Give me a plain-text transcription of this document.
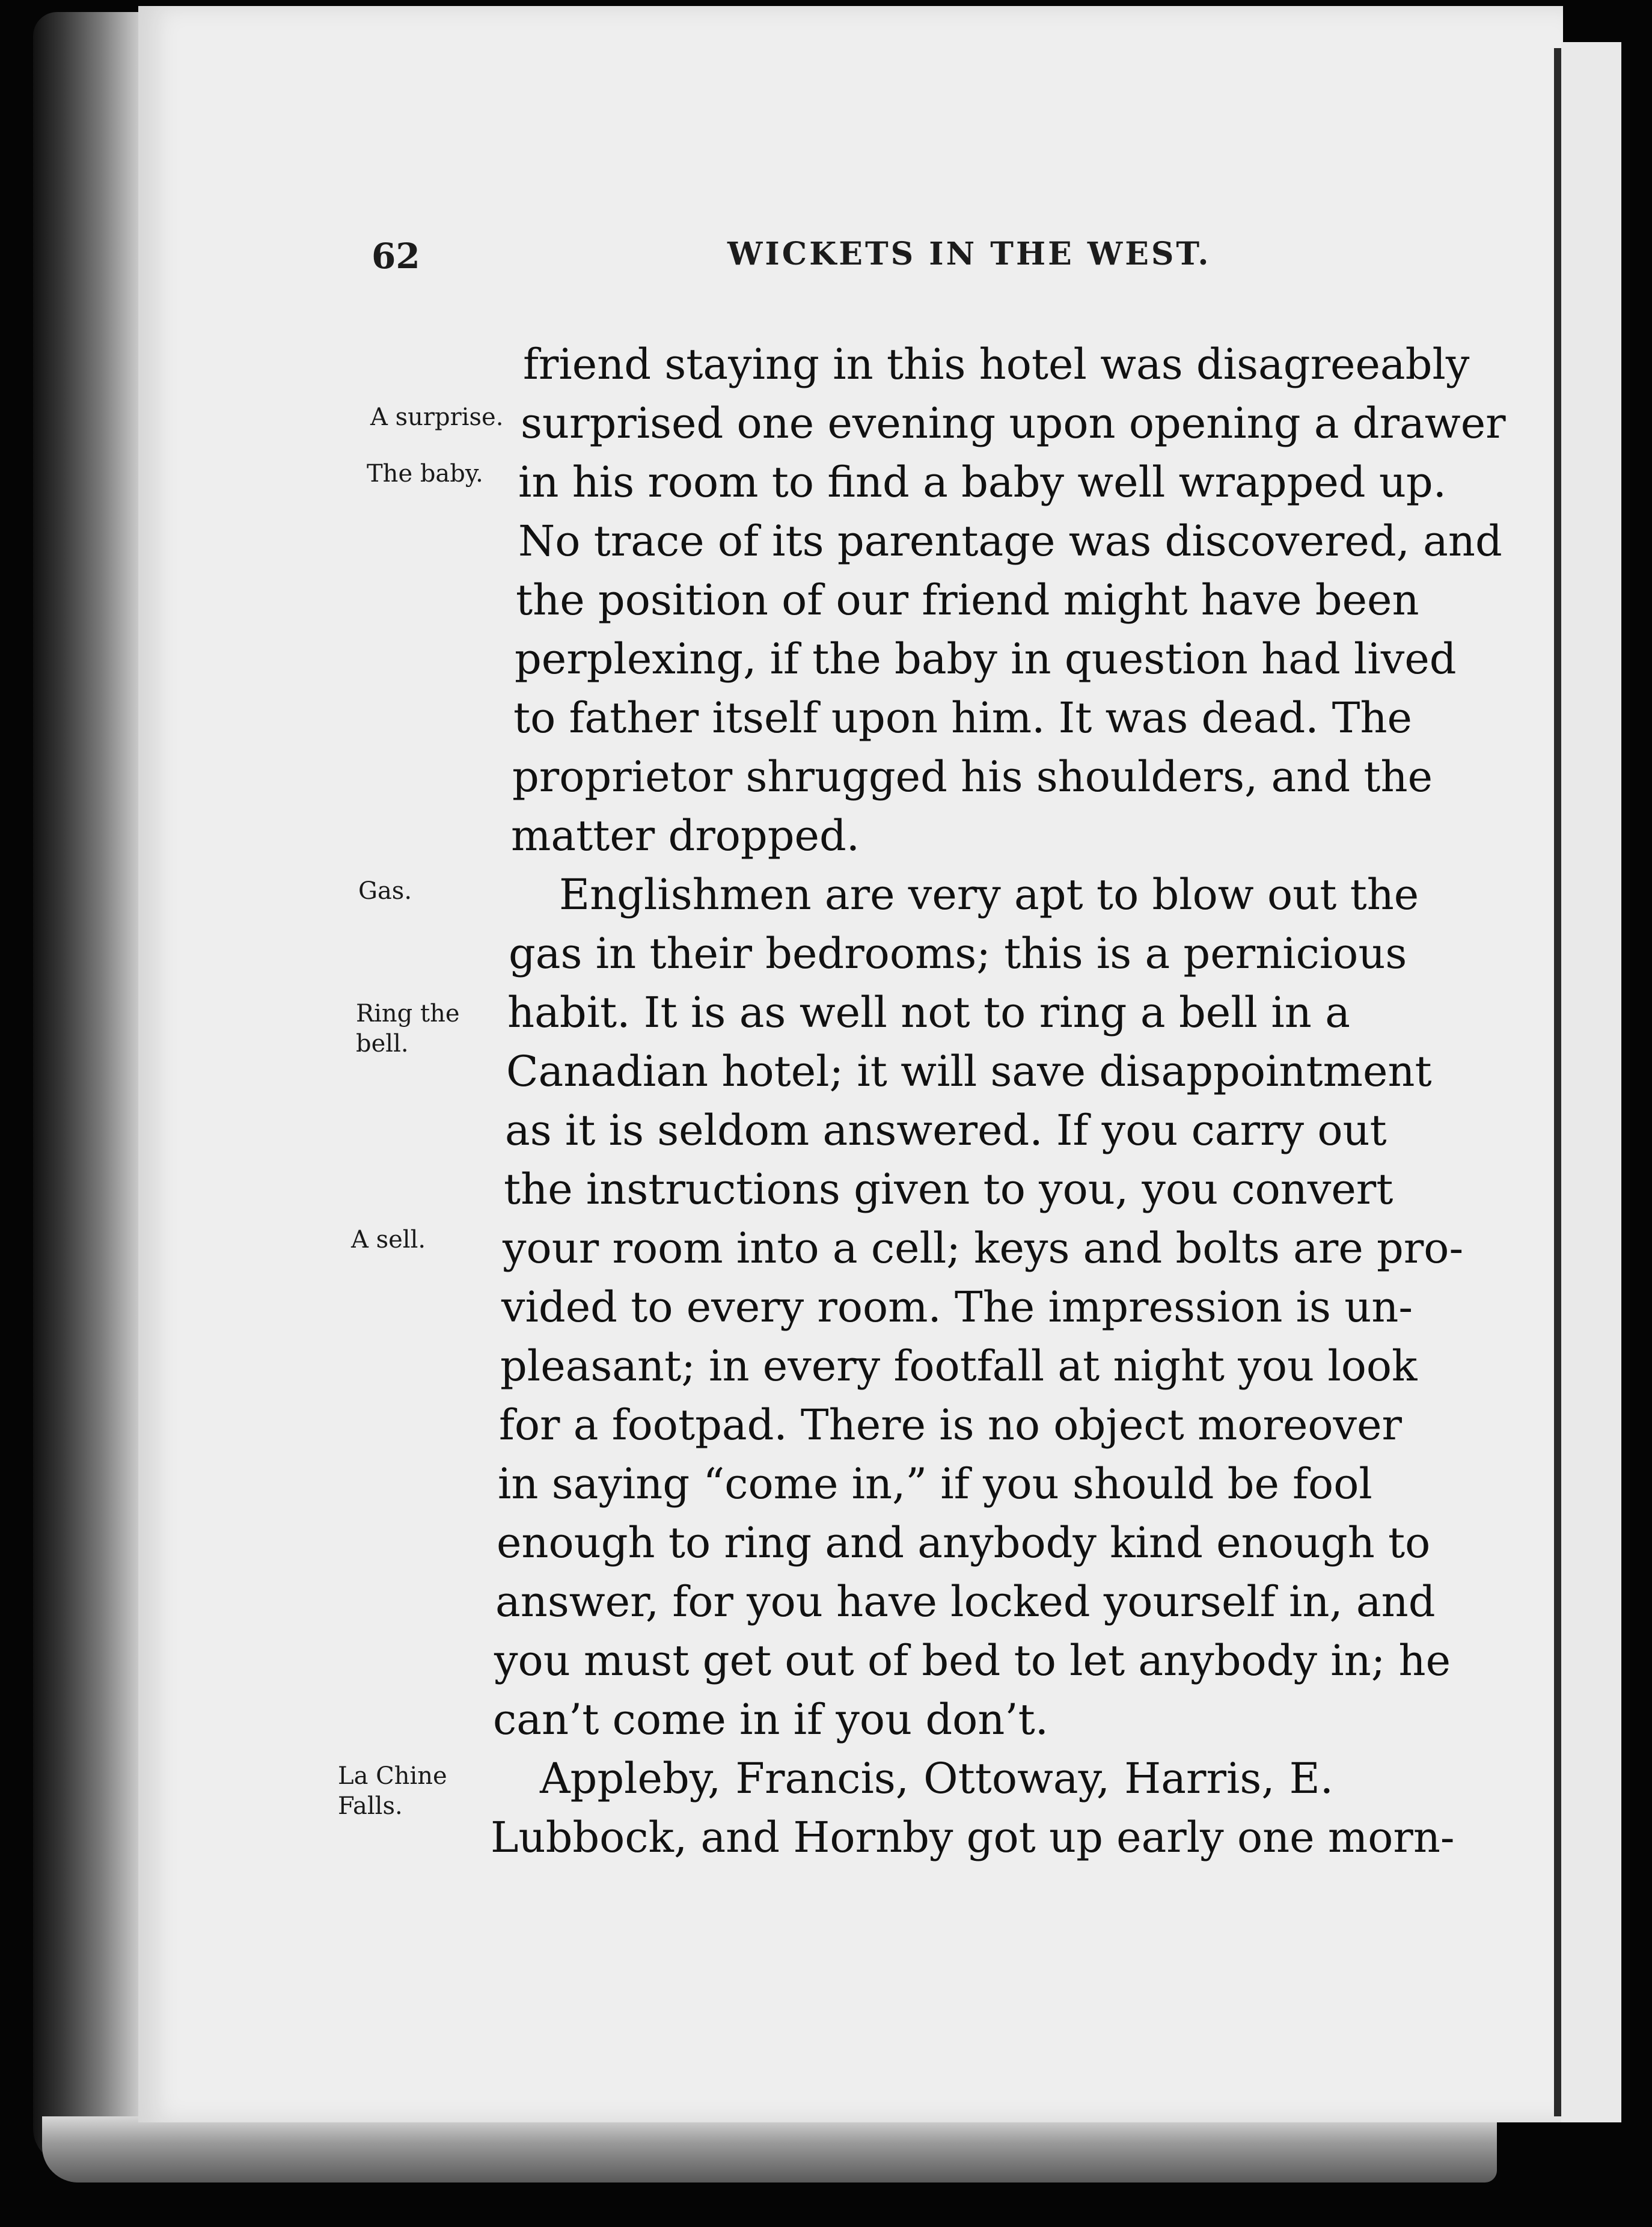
62	WICKETS IN THE WEST.
friend staying in this hotel was disagreeably
surprised one evening upon opening a drawer
in his room to find a baby well wrapped up.
No trace of its parentage was discovered, and
the position of our friend might have been
perplexing, if the baby in question had lived
to father itself upon him. It was dead. The
proprietor shrugged his shoulders, and the
matter dropped.
Englishmen are very apt to blow out the
gas in their bedrooms; this is a pernicious
habit. It is as well not to ring a bell in a
Canadian hotel; it will save disappointment
as it is seldom answered. If you carry out
the instructions given to you, you convert
your room into a cell; keys and bolts are pro-
vided to every room. The impression is un-
pleasant; in every footfall at night you look
for a footpad. There is no object moreover
in saying “come in,” if you should be fool
enough to ring and anybody kind enough to
answer, for you have locked yourself in, and
you must get out of bed to let anybody in; he
can’t come in if you don’t.
Appleby, Francis, Ottoway, Harris, E.
Lubbock, and Hornby got up early one morn-
A surprise.
The baby.
Gas.
Ring the
bell.
A sell.
La Chine
Falls.
